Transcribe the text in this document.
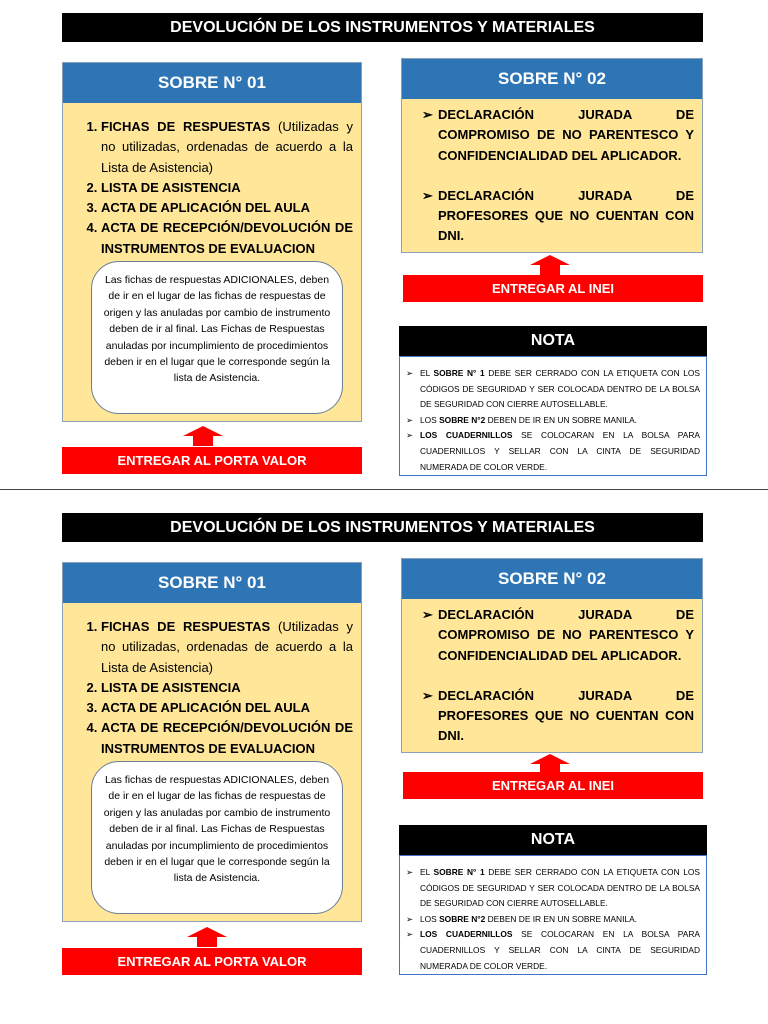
DEVOLUCIÓN DE LOS INSTRUMENTOS Y MATERIALES
SOBRE N° 01
1. FICHAS DE RESPUESTAS (Utilizadas y no utilizadas, ordenadas de acuerdo a la Lista de Asistencia)
2. LISTA DE ASISTENCIA
3. ACTA DE APLICACIÓN DEL AULA
4. ACTA DE RECEPCIÓN/DEVOLUCIÓN DE INSTRUMENTOS DE EVALUACION
Las fichas de respuestas ADICIONALES, deben de ir en el lugar de las fichas de respuestas de origen y las anuladas por cambio de instrumento deben de ir al final. Las Fichas de Respuestas anuladas por incumplimiento de procedimientos deben ir en el lugar que le corresponde según la lista de Asistencia.
ENTREGAR AL PORTA VALOR
SOBRE N° 02
➢ DECLARACIÓN JURADA DE COMPROMISO DE NO PARENTESCO Y CONFIDENCIALIDAD DEL APLICADOR.
➢ DECLARACIÓN JURADA DE PROFESORES QUE NO CUENTAN CON DNI.
ENTREGAR AL INEI
NOTA
➢ EL SOBRE N° 1 DEBE SER CERRADO CON LA ETIQUETA CON LOS CÓDIGOS DE SEGURIDAD Y SER COLOCADA DENTRO DE LA BOLSA DE SEGURIDAD CON CIERRE AUTOSELLABLE.
➢ LOS SOBRE N°2 DEBEN DE IR EN UN SOBRE MANILA.
➢ LOS CUADERNILLOS SE COLOCARAN EN LA BOLSA PARA CUADERNILLOS Y SELLAR CON LA CINTA DE SEGURIDAD NUMERADA DE COLOR VERDE.
DEVOLUCIÓN DE LOS INSTRUMENTOS Y MATERIALES
SOBRE N° 01
1. FICHAS DE RESPUESTAS (Utilizadas y no utilizadas, ordenadas de acuerdo a la Lista de Asistencia)
2. LISTA DE ASISTENCIA
3. ACTA DE APLICACIÓN DEL AULA
4. ACTA DE RECEPCIÓN/DEVOLUCIÓN DE INSTRUMENTOS DE EVALUACION
Las fichas de respuestas ADICIONALES, deben de ir en el lugar de las fichas de respuestas de origen y las anuladas por cambio de instrumento deben de ir al final. Las Fichas de Respuestas anuladas por incumplimiento de procedimientos deben ir en el lugar que le corresponde según la lista de Asistencia.
ENTREGAR AL PORTA VALOR
SOBRE N° 02
➢ DECLARACIÓN JURADA DE COMPROMISO DE NO PARENTESCO Y CONFIDENCIALIDAD DEL APLICADOR.
➢ DECLARACIÓN JURADA DE PROFESORES QUE NO CUENTAN CON DNI.
ENTREGAR AL INEI
NOTA
➢ EL SOBRE N° 1 DEBE SER CERRADO CON LA ETIQUETA CON LOS CÓDIGOS DE SEGURIDAD Y SER COLOCADA DENTRO DE LA BOLSA DE SEGURIDAD CON CIERRE AUTOSELLABLE.
➢ LOS SOBRE N°2 DEBEN DE IR EN UN SOBRE MANILA.
➢ LOS CUADERNILLOS SE COLOCARAN EN LA BOLSA PARA CUADERNILLOS Y SELLAR CON LA CINTA DE SEGURIDAD NUMERADA DE COLOR VERDE.
